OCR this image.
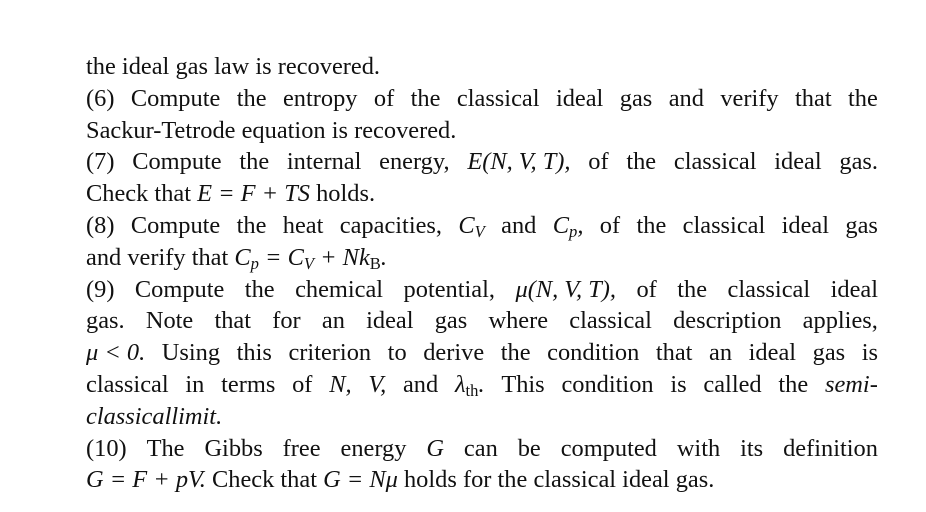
the ideal gas law is recovered.
(6) Compute the entropy of the classical ideal gas and verify that the
Sackur-Tetrode equation is recovered.
(7) Compute the internal energy, E(N, V, T), of the classical ideal gas.
Check that E = F + TS holds.
(8) Compute the heat capacities, $C_V$ and $C_p$, of the classical ideal gas
and verify that $C_p = C_V + Nk_B$.
(9) Compute the chemical potential, μ(N, V, T), of the classical ideal
gas. Note that for an ideal gas where classical description applies,
μ < 0. Using this criterion to derive the condition that an ideal gas is
classical in terms of N, V, and $\lambda_{th}$. This condition is called the semi-
classicallimit.
(10) The Gibbs free energy G can be computed with its definition
G = F + pV. Check that G = Nμ holds for the classical ideal gas.
